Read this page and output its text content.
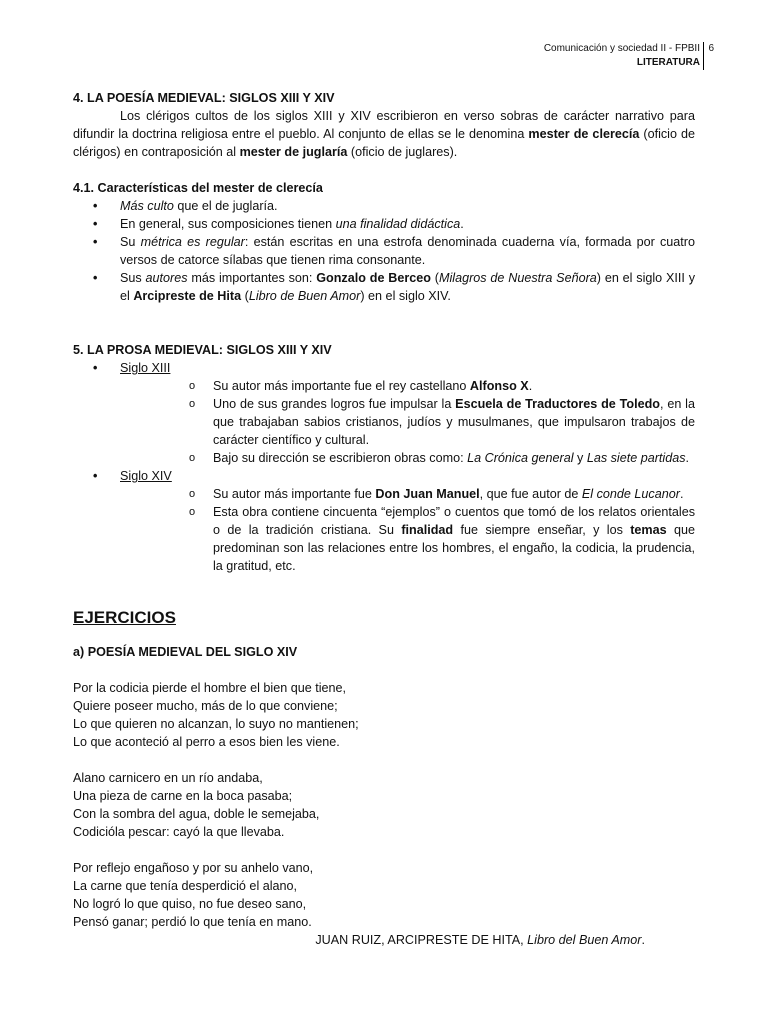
Comunicación y sociedad II - FPBII
LITERATURA
6
4. LA POESÍA MEDIEVAL: SIGLOS XIII Y XIV

Los clérigos cultos de los siglos XIII y XIV escribieron en verso sobras de carácter narrativo para difundir la doctrina religiosa entre el pueblo. Al conjunto de ellas se le denomina mester de clerecía (oficio de clérigos) en contraposición al mester de juglaría (oficio de juglares).

4.1. Características del mester de clerecía
• Más culto que el de juglaría.
• En general, sus composiciones tienen una finalidad didáctica.
• Su métrica es regular: están escritas en una estrofa denominada cuaderna vía, formada por cuatro versos de catorce sílabas que tienen rima consonante.
• Sus autores más importantes son: Gonzalo de Berceo (Milagros de Nuestra Señora) en el siglo XIII y el Arcipreste de Hita (Libro de Buen Amor) en el siglo XIV.
5. LA PROSA MEDIEVAL: SIGLOS XIII Y XIV
• Siglo XIII
o Su autor más importante fue el rey castellano Alfonso X.
o Uno de sus grandes logros fue impulsar la Escuela de Traductores de Toledo, en la que trabajaban sabios cristianos, judíos y musulmanes, que impulsaron trabajos de carácter científico y cultural.
o Bajo su dirección se escribieron obras como: La Crónica general y Las siete partidas.
• Siglo XIV
o Su autor más importante fue Don Juan Manuel, que fue autor de El conde Lucanor.
o Esta obra contiene cincuenta “ejemplos” o cuentos que tomó de los relatos orientales o de la tradición cristiana. Su finalidad fue siempre enseñar, y los temas que predominan son las relaciones entre los hombres, el engaño, la codicia, la prudencia, la gratitud, etc.
EJERCICIOS
a) POESÍA MEDIEVAL DEL SIGLO XIV

Por la codicia pierde el hombre el bien que tiene,

Quiere poseer mucho, más de lo que conviene;

Lo que quieren no alcanzan, lo suyo no mantienen;

Lo que aconteció al perro a esos bien les viene.

Alano carnicero en un río andaba,

Una pieza de carne en la boca pasaba;

Con la sombra del agua, doble le semejaba,

Codicióla pescar: cayó la que llevaba.

Por reflejo engañoso y por su anhelo vano,

La carne que tenía desperdició el alano,

No logró lo que quiso, no fue deseo sano,

Pensó ganar; perdió lo que tenía en mano.

JUAN RUIZ, ARCIPRESTE DE HITA, Libro del Buen Amor.
